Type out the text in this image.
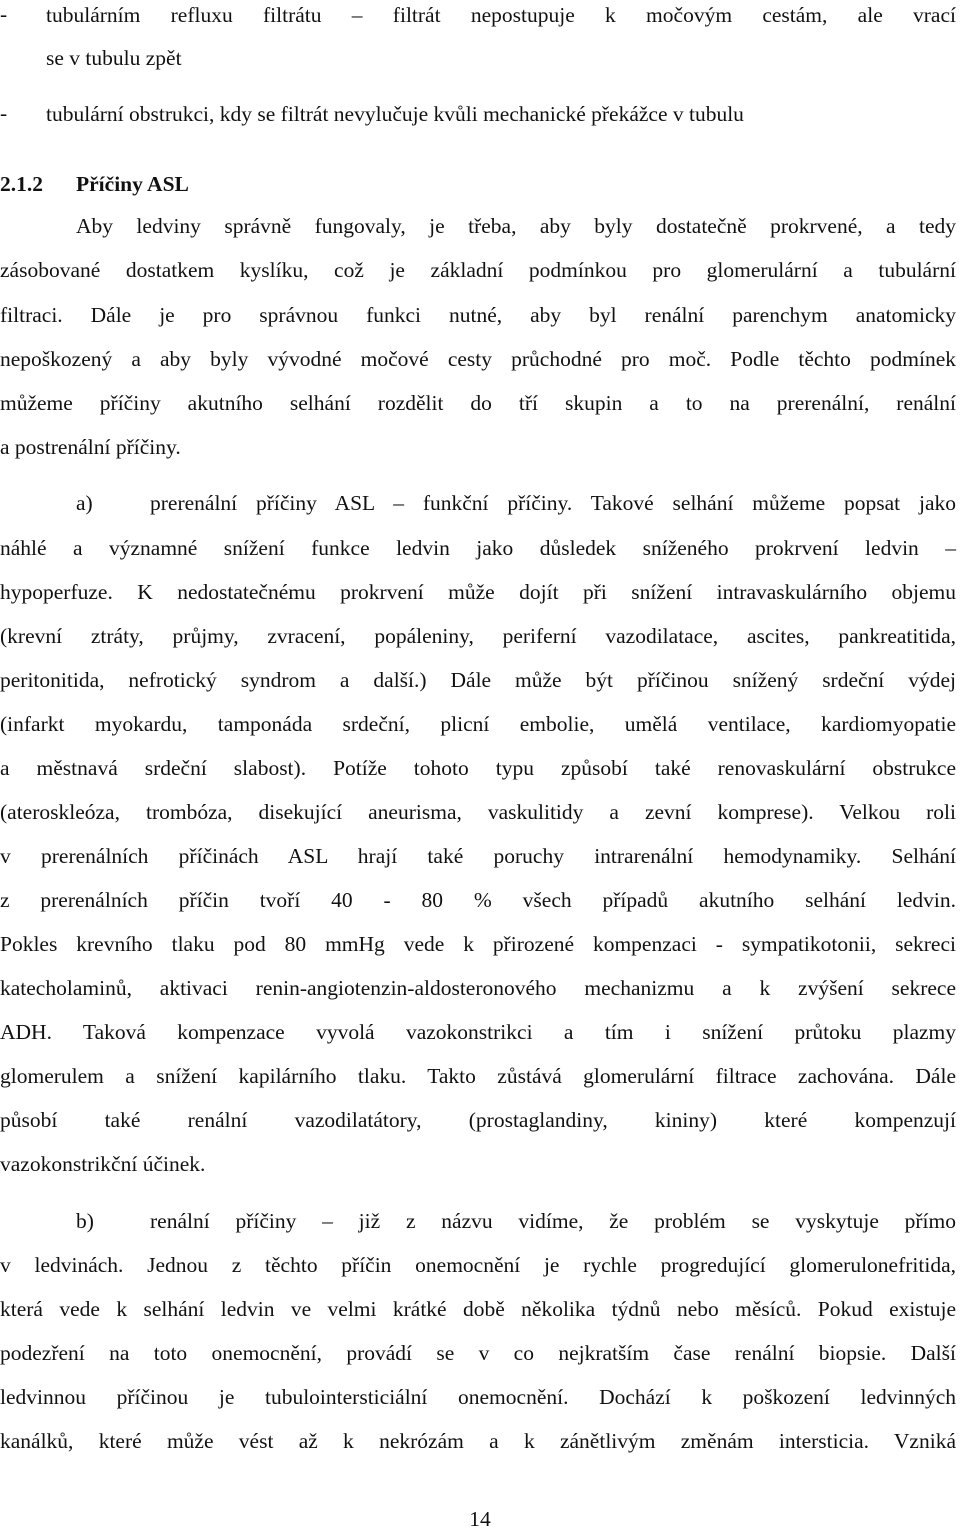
-	tubulárním refluxu filtrátu – filtrát nepostupuje k močovým cestám, ale vrací
se v tubulu zpět
-	tubulární obstrukci, kdy se filtrát nevylučuje kvůli mechanické překážce v tubulu
2.1.2 Příčiny ASL
Aby ledviny správně fungovaly, je třeba, aby byly dostatečně prokrvené, a tedy
zásobované dostatkem kyslíku, což je základní podmínkou pro glomerulární a tubulární
filtraci. Dále je pro správnou funkci nutné, aby byl renální parenchym anatomicky
nepoškozený a aby byly vývodné močové cesty průchodné pro moč. Podle těchto podmínek
můžeme příčiny akutního selhání rozdělit do tří skupin a to na prerenální, renální
a postrenální příčiny.
a)	prerenální příčiny ASL – funkční příčiny. Takové selhání můžeme popsat jako
náhlé a významné snížení funkce ledvin jako důsledek sníženého prokrvení ledvin –
hypoperfuze. K nedostatečnému prokrvení může dojít při snížení intravaskulárního objemu
(krevní ztráty, průjmy, zvracení, popáleniny, periferní vazodilatace, ascites, pankreatitida,
peritonitida, nefrotický syndrom a další.) Dále může být příčinou snížený srdeční výdej
(infarkt myokardu, tamponáda srdeční, plicní embolie, umělá ventilace, kardiomyopatie
a městnavá srdeční slabost). Potíže tohoto typu způsobí také renovaskulární obstrukce
(ateroskleóza, trombóza, disekující aneurisma, vaskulitidy a zevní komprese). Velkou roli
v prerenálních příčinách ASL hrají také poruchy intrarenální hemodynamiky. Selhání
z prerenálních příčin tvoří 40 - 80 % všech případů akutního selhání ledvin.
Pokles krevního tlaku pod 80 mmHg vede k přirozené kompenzaci - sympatikotonii, sekreci
katecholaminů, aktivaci renin-angiotenzin-aldosteronového mechanizmu a k zvýšení sekrece
ADH. Taková kompenzace vyvolá vazokonstrikci a tím i snížení průtoku plazmy
glomerulem a snížení kapilárního tlaku. Takto zůstává glomerulární filtrace zachována. Dále
působí také renální vazodilatátory, (prostaglandiny, kininy) které kompenzují
vazokonstrikční účinek.
b)	renální příčiny – již z názvu vidíme, že problém se vyskytuje přímo
v ledvinách. Jednou z těchto příčin onemocnění je rychle progredující glomerulonefritida,
která vede k selhání ledvin ve velmi krátké době několika týdnů nebo měsíců. Pokud existuje
podezření na toto onemocnění, provádí se v co nejkratším čase renální biopsie. Další
ledvinnou příčinou je tubulointersticiální onemocnění. Dochází k poškození ledvinných
kanálků, které může vést až k nekrózám a k zánětlivým změnám intersticia. Vzniká
14
